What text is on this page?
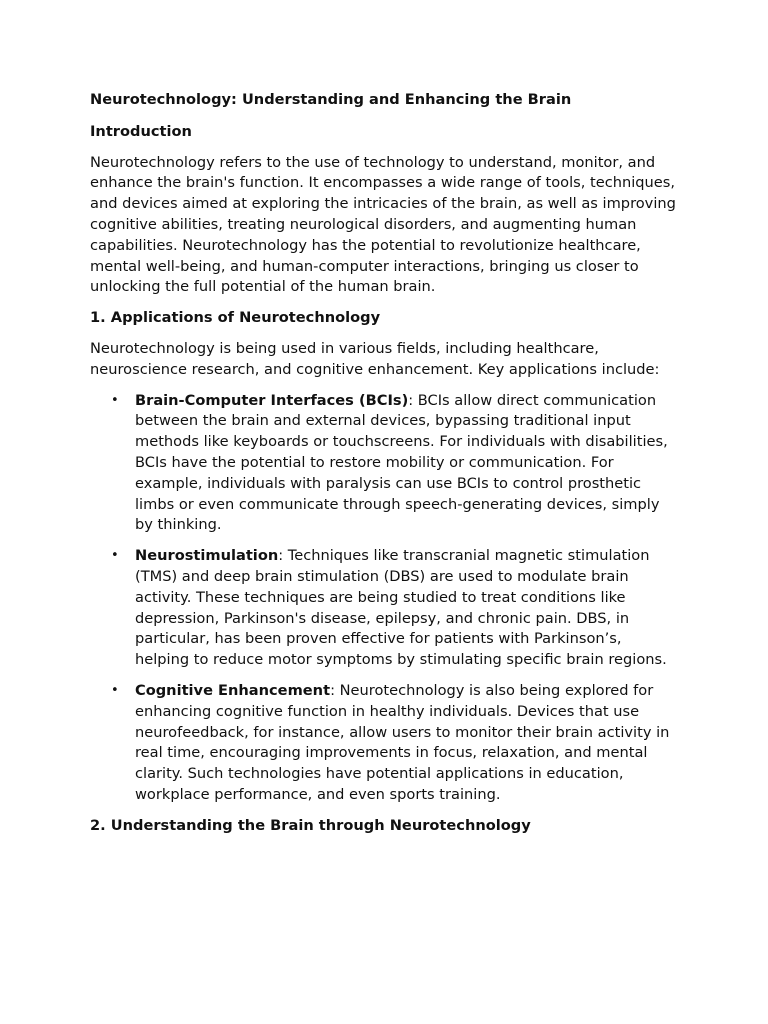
Neurotechnology: Understanding and Enhancing the Brain

Introduction

Neurotechnology refers to the use of technology to understand, monitor, and enhance the brain's function. It encompasses a wide range of tools, techniques, and devices aimed at exploring the intricacies of the brain, as well as improving cognitive abilities, treating neurological disorders, and augmenting human capabilities. Neurotechnology has the potential to revolutionize healthcare, mental well-being, and human-computer interactions, bringing us closer to unlocking the full potential of the human brain.

1. Applications of Neurotechnology

Neurotechnology is being used in various fields, including healthcare, neuroscience research, and cognitive enhancement. Key applications include:

• Brain-Computer Interfaces (BCIs): BCIs allow direct communication between the brain and external devices, bypassing traditional input methods like keyboards or touchscreens. For individuals with disabilities, BCIs have the potential to restore mobility or communication. For example, individuals with paralysis can use BCIs to control prosthetic limbs or even communicate through speech-generating devices, simply by thinking.
• Neurostimulation: Techniques like transcranial magnetic stimulation (TMS) and deep brain stimulation (DBS) are used to modulate brain activity. These techniques are being studied to treat conditions like depression, Parkinson's disease, epilepsy, and chronic pain. DBS, in particular, has been proven effective for patients with Parkinson’s, helping to reduce motor symptoms by stimulating specific brain regions.
• Cognitive Enhancement: Neurotechnology is also being explored for enhancing cognitive function in healthy individuals. Devices that use neurofeedback, for instance, allow users to monitor their brain activity in real time, encouraging improvements in focus, relaxation, and mental clarity. Such technologies have potential applications in education, workplace performance, and even sports training.

2. Understanding the Brain through Neurotechnology
